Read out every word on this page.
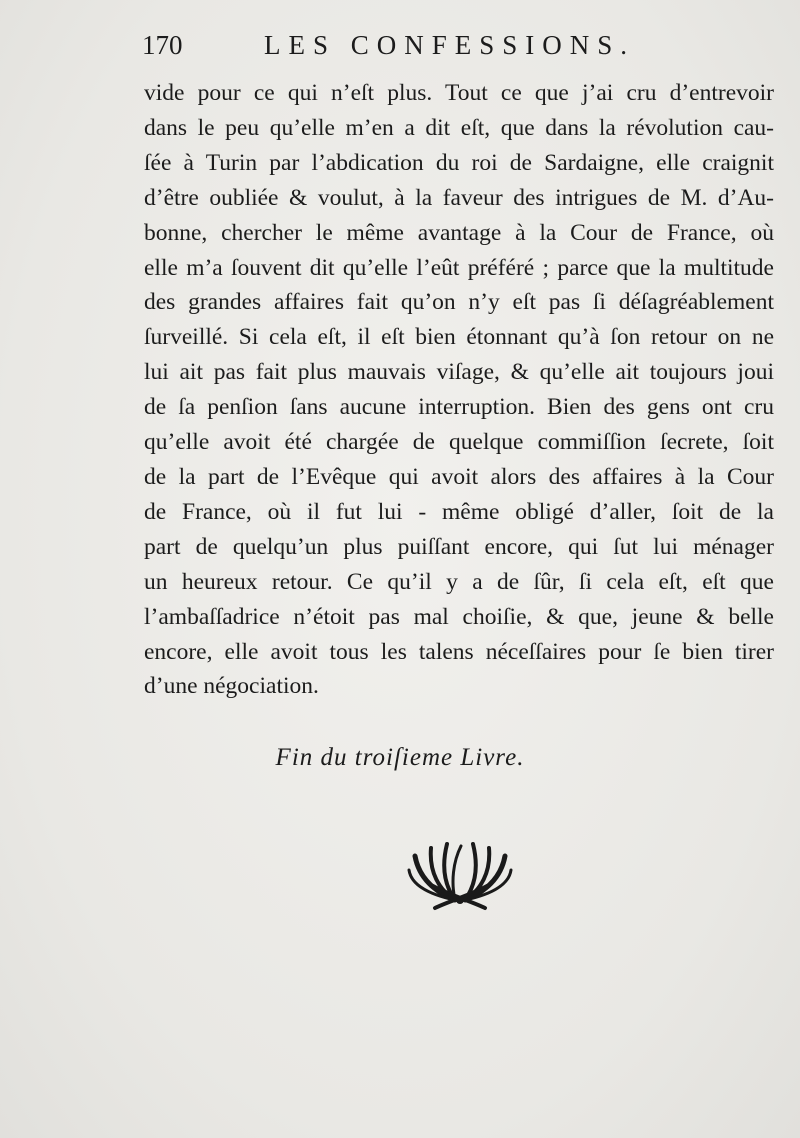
170	LES CONFESSIONS.
vide pour ce qui n’eſt plus. Tout ce que j’ai cru d’entrevoir
dans le peu qu’elle m’en a dit eſt, que dans la révolution cau-
ſée à Turin par l’abdication du roi de Sardaigne, elle craignit
d’être oubliée & voulut, à la faveur des intrigues de M. d’Au-
bonne, chercher le même avantage à la Cour de France, où
elle m’a ſouvent dit qu’elle l’eût préféré ; parce que la multitude
des grandes affaires fait qu’on n’y eſt pas ſi déſagréablement
ſurveillé. Si cela eſt, il eſt bien étonnant qu’à ſon retour on ne
lui ait pas fait plus mauvais viſage, & qu’elle ait toujours joui
de ſa penſion ſans aucune interruption. Bien des gens ont cru
qu’elle avoit été chargée de quelque commiſſion ſecrete, ſoit
de la part de l’Evêque qui avoit alors des affaires à la Cour
de France, où il fut lui - même obligé d’aller, ſoit de la
part de quelqu’un plus puiſſant encore, qui ſut lui ménager
un heureux retour. Ce qu’il y a de ſûr, ſi cela eſt, eſt que
l’ambaſſadrice n’étoit pas mal choiſie, & que, jeune & belle
encore, elle avoit tous les talens néceſſaires pour ſe bien tirer
d’une négociation.
Fin du troiſieme Livre.
